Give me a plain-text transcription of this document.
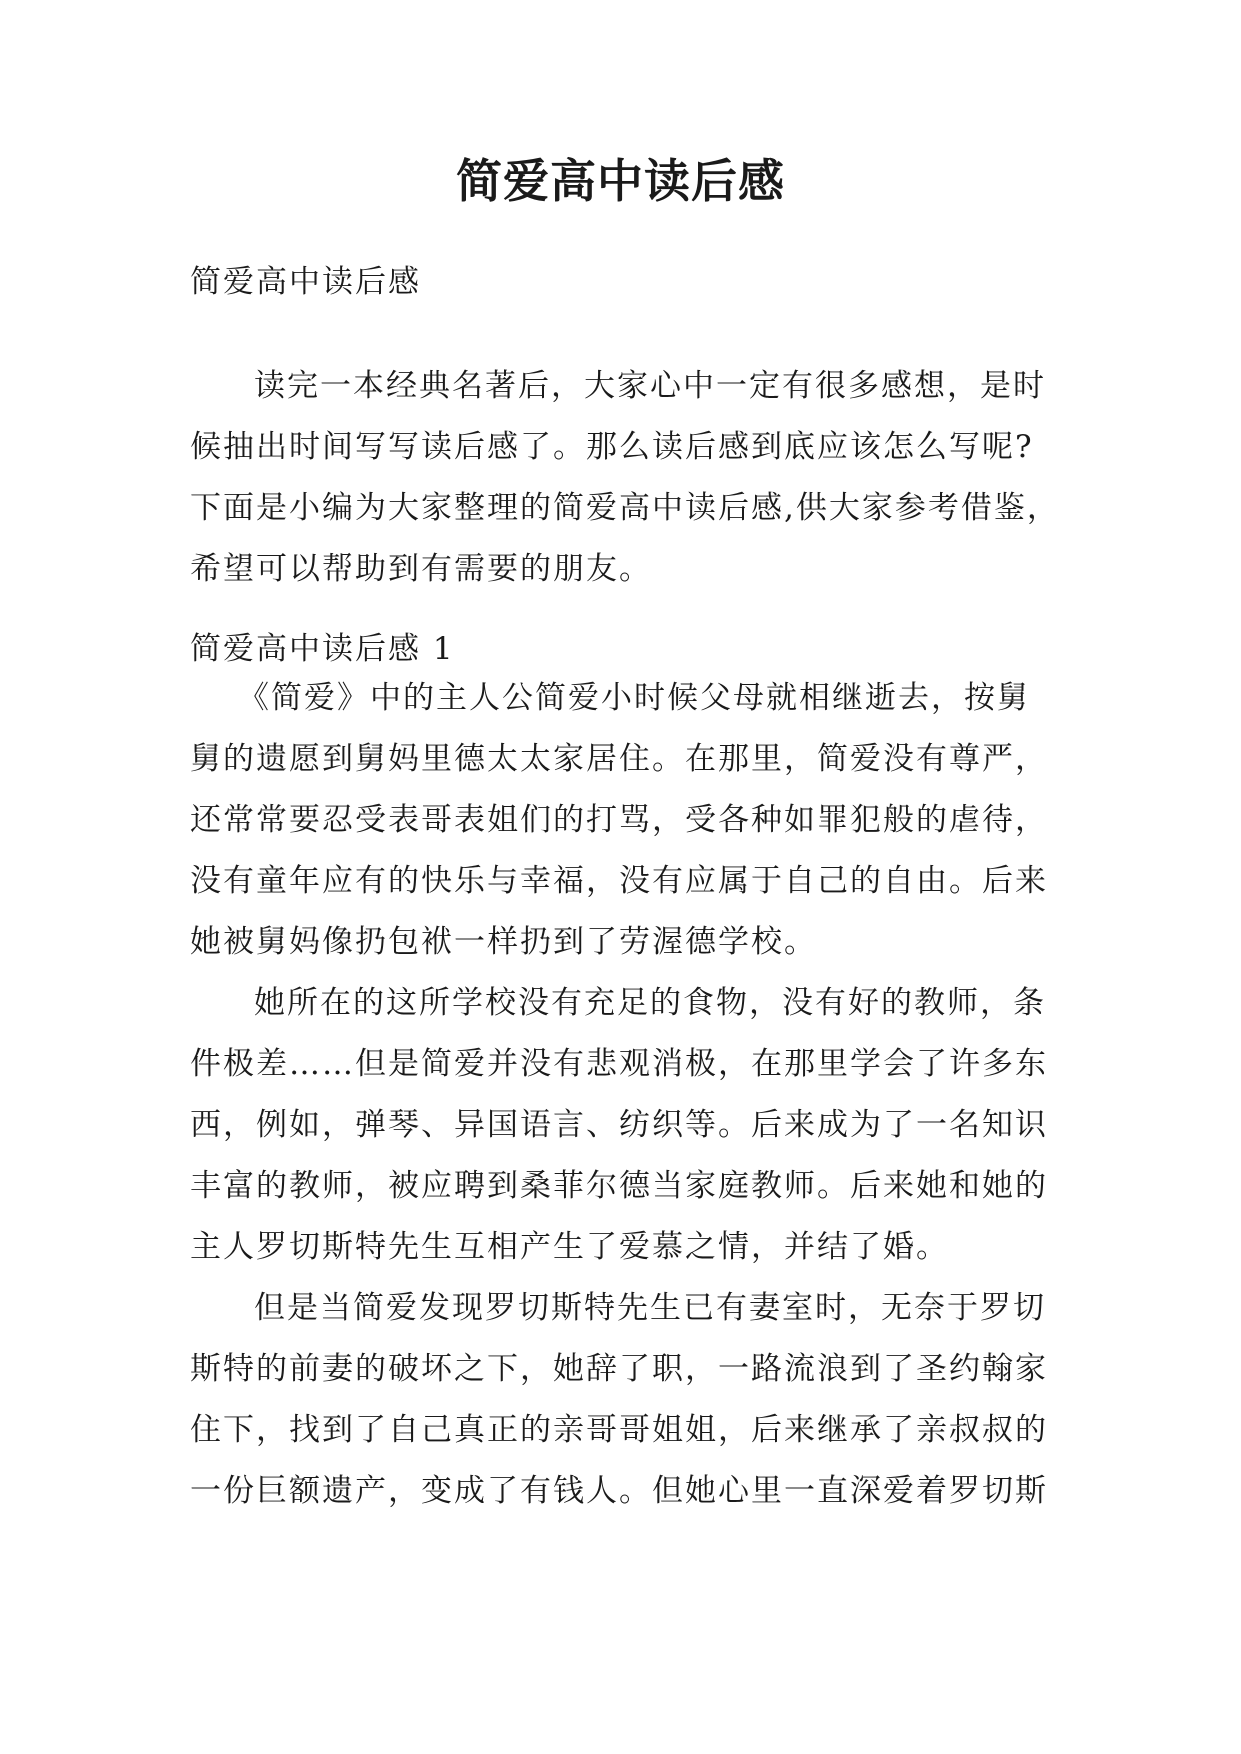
简爱高中读后感
简爱高中读后感

读完一本经典名著后，大家心中一定有很多感想，是时
候抽出时间写写读后感了。那么读后感到底应该怎么写呢?
下面是小编为大家整理的简爱高中读后感,供大家参考借鉴，
希望可以帮助到有需要的朋友。

简爱高中读后感 1

《简爱》中的主人公简爱小时候父母就相继逝去，按舅
舅的遗愿到舅妈里德太太家居住。在那里，简爱没有尊严，
还常常要忍受表哥表姐们的打骂，受各种如罪犯般的虐待，
没有童年应有的快乐与幸福，没有应属于自己的自由。后来
她被舅妈像扔包袱一样扔到了劳渥德学校。

她所在的这所学校没有充足的食物，没有好的教师，条
件极差……但是简爱并没有悲观消极，在那里学会了许多东
西，例如，弹琴、异国语言、纺织等。后来成为了一名知识
丰富的教师，被应聘到桑菲尔德当家庭教师。后来她和她的
主人罗切斯特先生互相产生了爱慕之情，并结了婚。

但是当简爱发现罗切斯特先生已有妻室时，无奈于罗切
斯特的前妻的破坏之下，她辞了职，一路流浪到了圣约翰家
住下，找到了自己真正的亲哥哥姐姐，后来继承了亲叔叔的
一份巨额遗产，变成了有钱人。但她心里一直深爱着罗切斯
